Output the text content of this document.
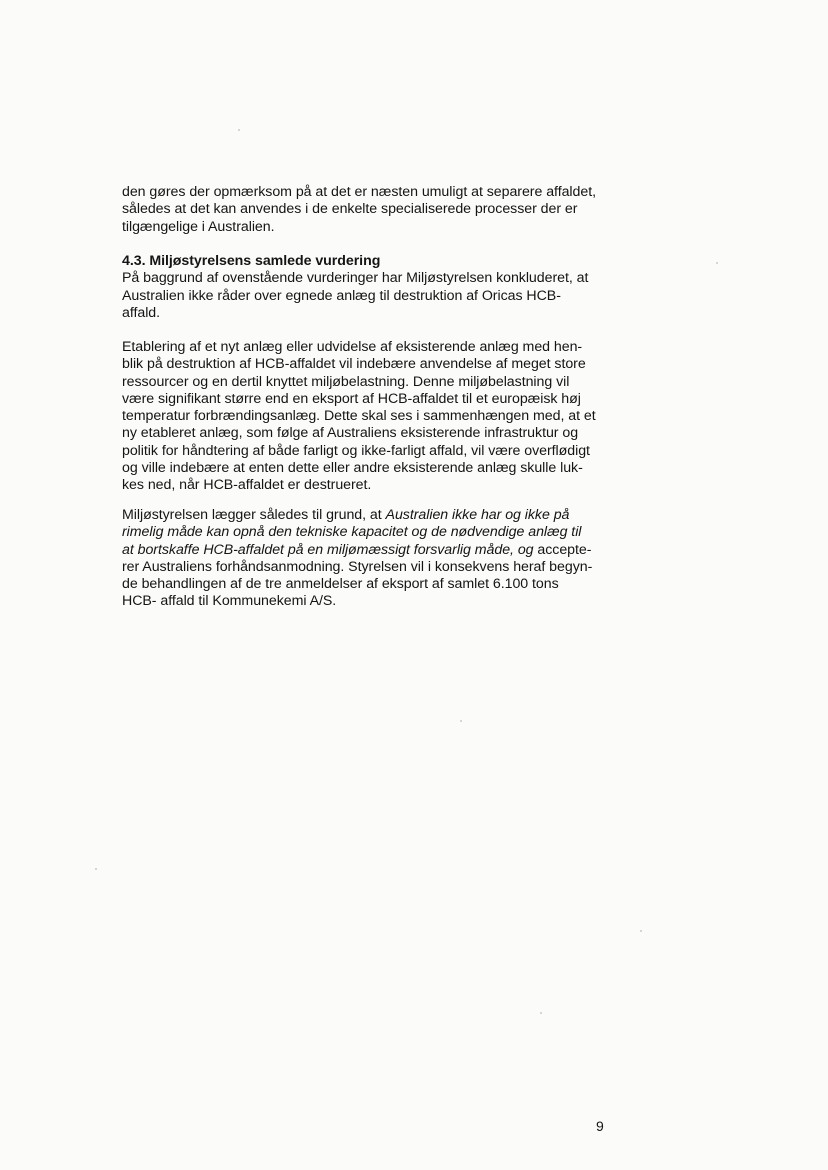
den gøres der opmærksom på at det er næsten umuligt at separere affaldet,
således at det kan anvendes i de enkelte specialiserede processer der er
tilgængelige i Australien.
4.3. Miljøstyrelsens samlede vurdering
På baggrund af ovenstående vurderinger har Miljøstyrelsen konkluderet, at
Australien ikke råder over egnede anlæg til destruktion af Oricas HCB-
affald.
Etablering af et nyt anlæg eller udvidelse af eksisterende anlæg med hen-
blik på destruktion af HCB-affaldet vil indebære anvendelse af meget store
ressourcer og en dertil knyttet miljøbelastning. Denne miljøbelastning vil
være signifikant større end en eksport af HCB-affaldet til et europæisk høj
temperatur forbrændingsanlæg. Dette skal ses i sammenhængen med, at et
ny etableret anlæg, som følge af Australiens eksisterende infrastruktur og
politik for håndtering af både farligt og ikke-farligt affald, vil være overflødigt
og ville indebære at enten dette eller andre eksisterende anlæg skulle luk-
kes ned, når HCB-affaldet er destrueret.
Miljøstyrelsen lægger således til grund, at Australien ikke har og ikke på
rimelig måde kan opnå den tekniske kapacitet og de nødvendige anlæg til
at bortskaffe HCB-affaldet på en miljømæssigt forsvarlig måde, og accepte-
rer Australiens forhåndsanmodning. Styrelsen vil i konsekvens heraf begyn-
de behandlingen af de tre anmeldelser af eksport af samlet 6.100 tons
HCB- affald til Kommunekemi A/S.
9
